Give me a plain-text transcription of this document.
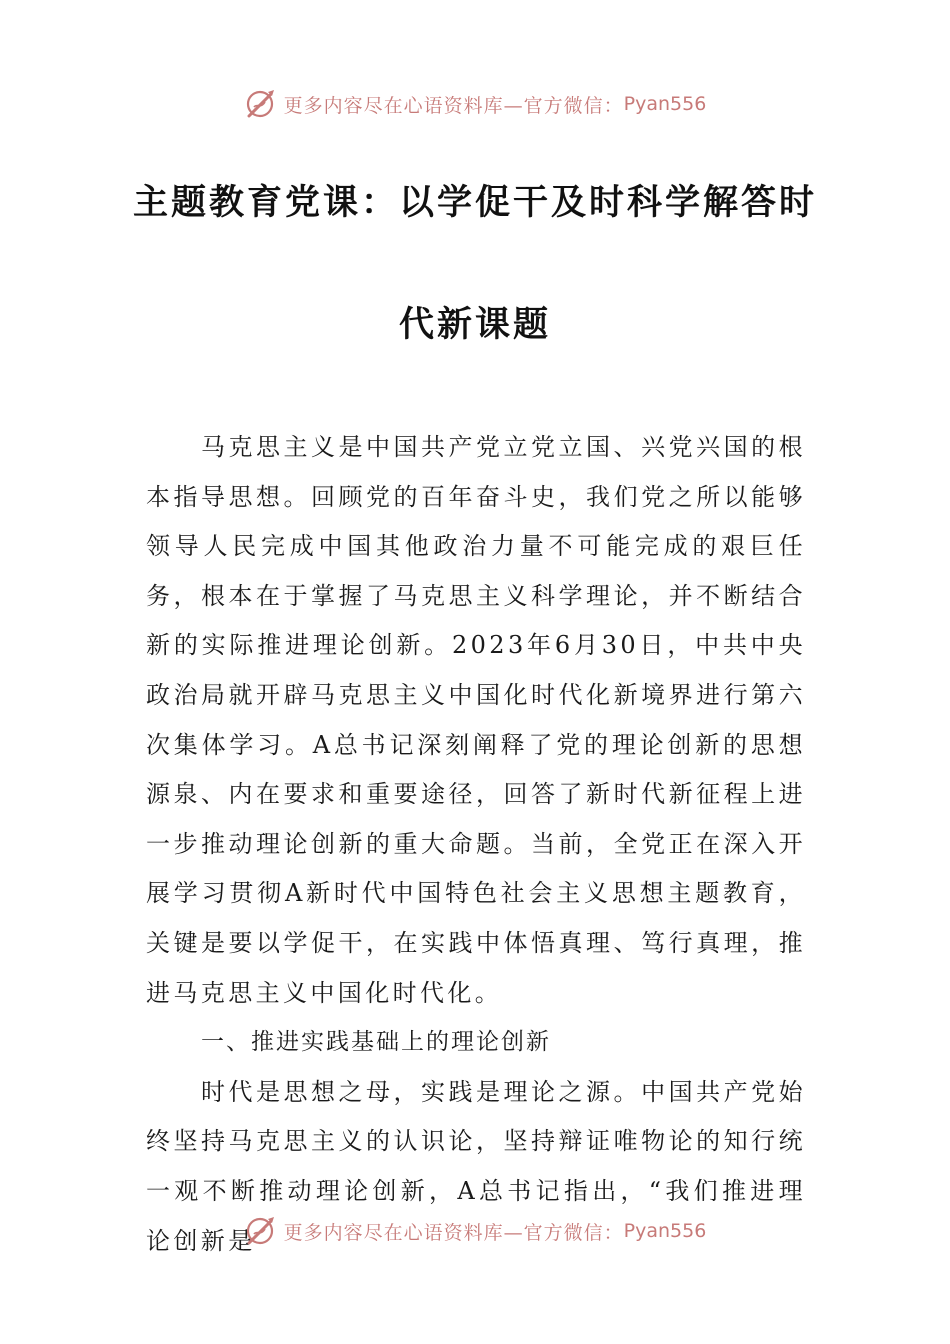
更多内容尽在心语资料库—官方微信： Pyan556
主题教育党课：以学促干及时科学解答时
代新课题

马克思主义是中国共产党立党立国、兴党兴国的根本指导思想。回顾党的百年奋斗史，我们党之所以能够领导人民完成中国其他政治力量不可能完成的艰巨任务，根本在于掌握了马克思主义科学理论，并不断结合新的实际推进理论创新。2023年6月30日，中共中央政治局就开辟马克思主义中国化时代化新境界进行第六次集体学习。A总书记深刻阐释了党的理论创新的思想源泉、内在要求和重要途径，回答了新时代新征程上进一步推动理论创新的重大命题。当前，全党正在深入开展学习贯彻A新时代中国特色社会主义思想主题教育，关键是要以学促干，在实践中体悟真理、笃行真理，推进马克思主义中国化时代化。

一、推进实践基础上的理论创新

时代是思想之母，实践是理论之源。中国共产党始终坚持马克思主义的认识论，坚持辩证唯物论的知行统一观不断推动理论创新，A总书记指出，“我们推进理论创新是	更多内容尽在心语资料库—官方微信： Pyan556
